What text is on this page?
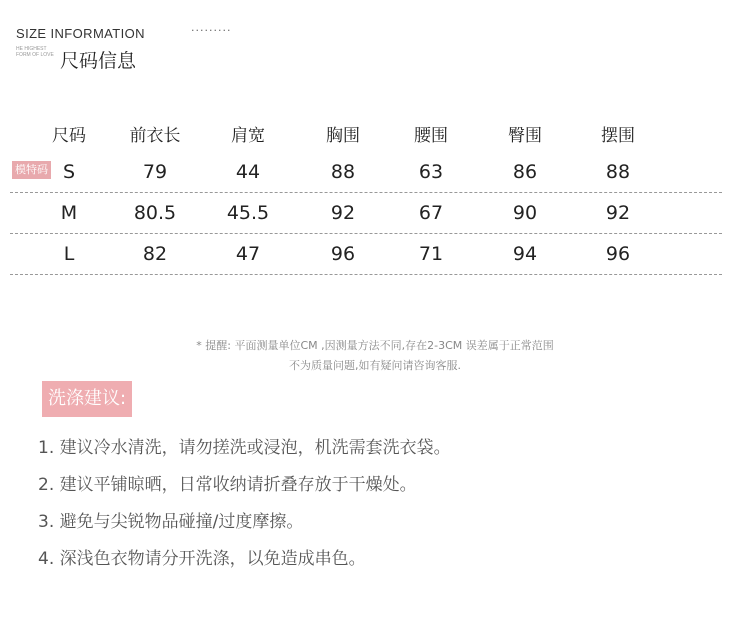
SIZE INFORMATION
HE HIGHEST
FORM OF LOVE 尺码信息
·········
尺码	前衣长	肩宽	胸围	腰围	臀围	摆围
模特码 S	79	44	88	63	86	88
M	80.5	45.5	92	67	90	92
L	82	47	96	71	94	96
* 提醒: 平面测量单位CM ,因测量方法不同,存在2-3CM 误差属于正常范围
不为质量问题,如有疑问请咨询客服.
洗涤建议:
1. 建议冷水清洗，请勿搓洗或浸泡，机洗需套洗衣袋。
2. 建议平铺晾晒，日常收纳请折叠存放于干燥处。
3. 避免与尖锐物品碰撞/过度摩擦。
4. 深浅色衣物请分开洗涤，以免造成串色。
